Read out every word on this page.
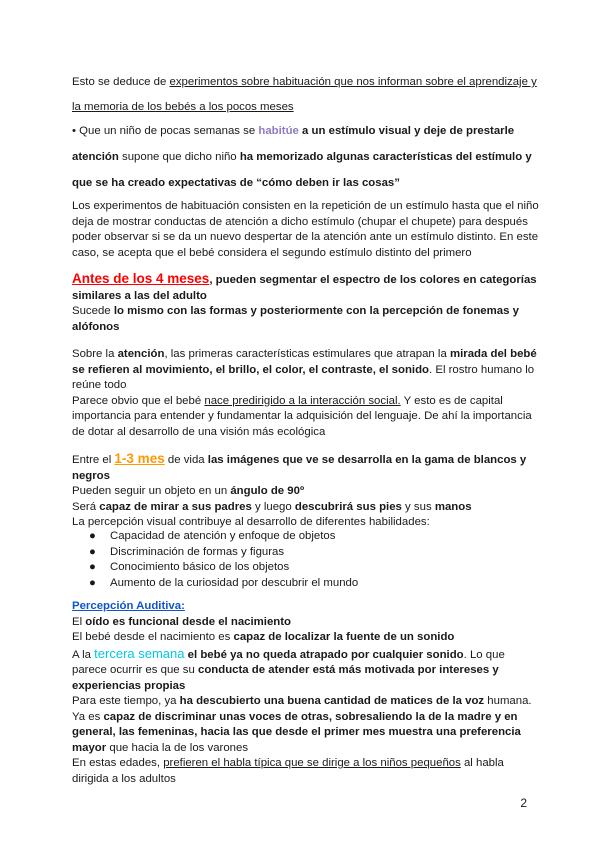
Esto se deduce de experimentos sobre habituación que nos informan sobre el aprendizaje y
la memoria de los bebés a los pocos meses
• Que un niño de pocas semanas se habitúe a un estímulo visual y deje de prestarle
atención supone que dicho niño ha memorizado algunas características del estímulo y
que se ha creado expectativas de “cómo deben ir las cosas”
Los experimentos de habituación consisten en la repetición de un estímulo hasta que el niño deja de mostrar conductas de atención a dicho estímulo (chupar el chupete) para después poder observar si se da un nuevo despertar de la atención ante un estímulo distinto. En este caso, se acepta que el bebé considera el segundo estímulo distinto del primero
Antes de los 4 meses, pueden segmentar el espectro de los colores en categorías similares a las del adulto
Sucede lo mismo con las formas y posteriormente con la percepción de fonemas y alófonos
Sobre la atención, las primeras características estimulares que atrapan la mirada del bebé se refieren al movimiento, el brillo, el color, el contraste, el sonido. El rostro humano lo reúne todo
Parece obvio que el bebé nace predirigido a la interacción social. Y esto es de capital importancia para entender y fundamentar la adquisición del lenguaje. De ahí la importancia de dotar al desarrollo de una visión más ecológica
Entre el 1-3 mes de vida las imágenes que ve se desarrolla en la gama de blancos y negros
Pueden seguir un objeto en un ángulo de 90º
Será capaz de mirar a sus padres y luego descubrirá sus pies y sus manos
La percepción visual contribuye al desarrollo de diferentes habilidades:
● Capacidad de atención y enfoque de objetos
● Discriminación de formas y figuras
● Conocimiento básico de los objetos
● Aumento de la curiosidad por descubrir el mundo
Percepción Auditiva:
El oído es funcional desde el nacimiento
El bebé desde el nacimiento es capaz de localizar la fuente de un sonido
A la tercera semana el bebé ya no queda atrapado por cualquier sonido. Lo que parece ocurrir es que su conducta de atender está más motivada por intereses y experiencias propias
Para este tiempo, ya ha descubierto una buena cantidad de matices de la voz humana.
Ya es capaz de discriminar unas voces de otras, sobresaliendo la de la madre y en general, las femeninas, hacia las que desde el primer mes muestra una preferencia mayor que hacia la de los varones
En estas edades, prefieren el habla típica que se dirige a los niños pequeños al habla dirigida a los adultos
2
